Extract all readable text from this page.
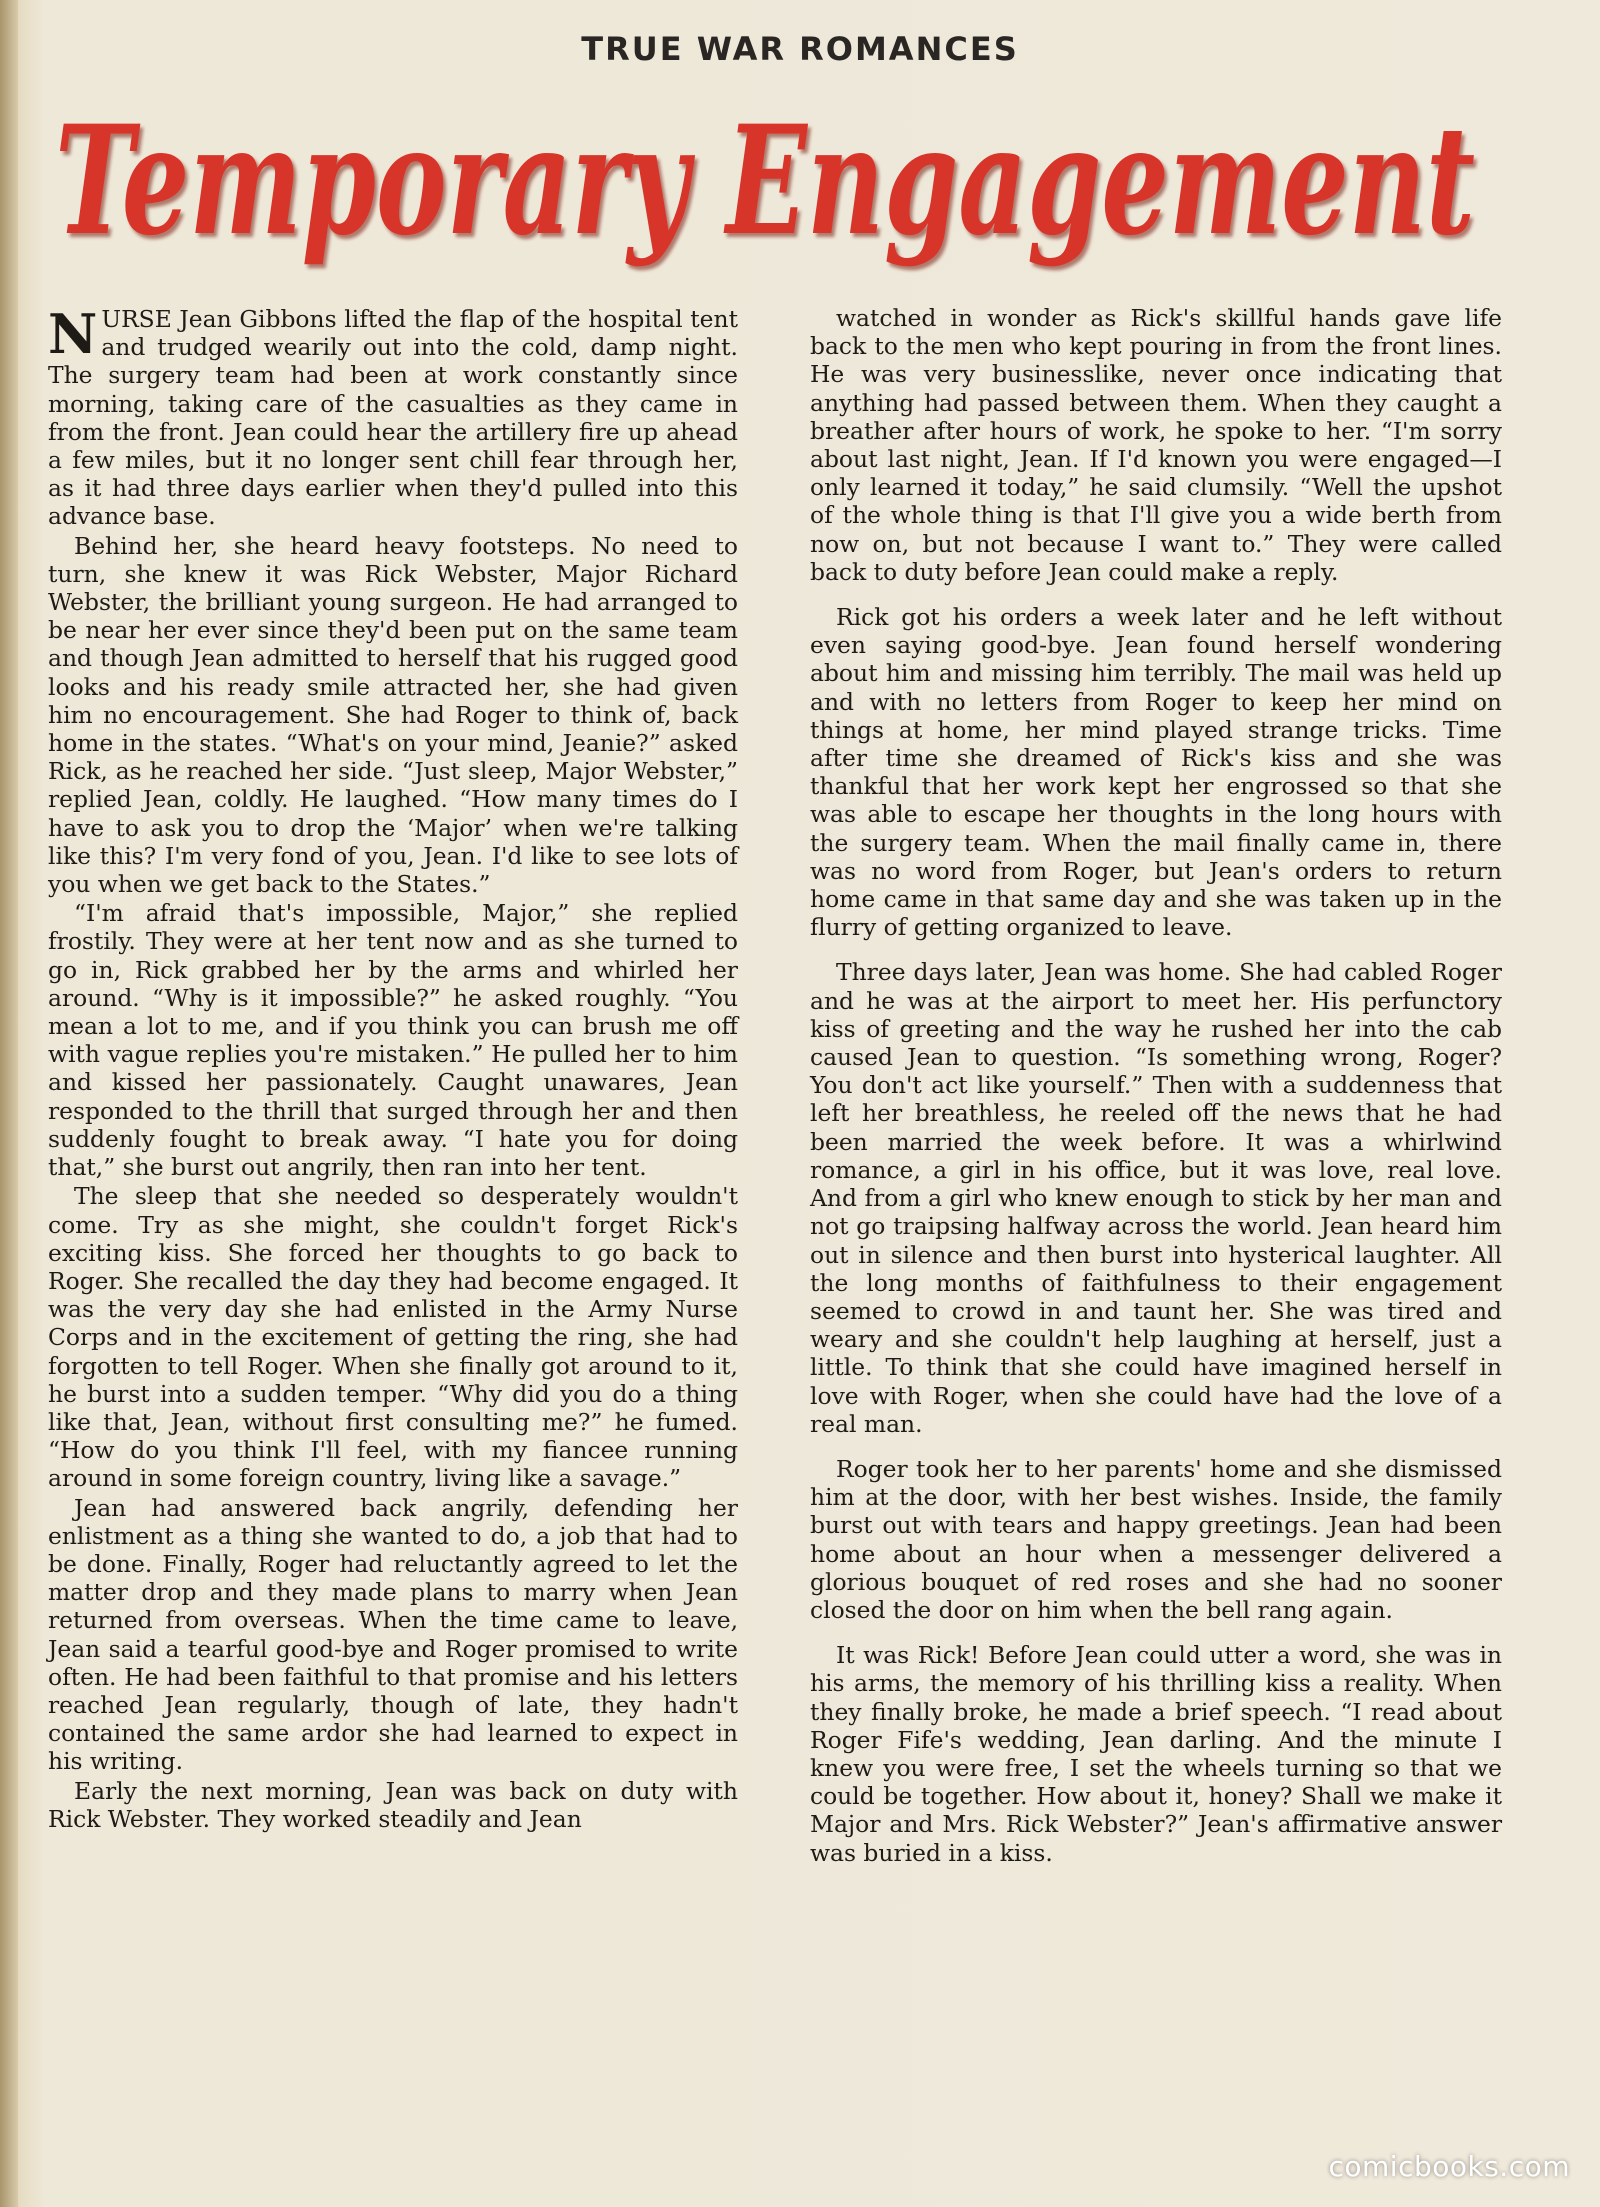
TRUE WAR ROMANCES
Temporary Engagement

NURSE Jean Gibbons lifted the flap of the hospital tent and trudged wearily out into the cold, damp night. The surgery team had been at work constantly since morning, taking care of the casualties as they came in from the front. Jean could hear the artillery fire up ahead a few miles, but it no longer sent chill fear through her, as it had three days earlier when they'd pulled into this advance base.

Behind her, she heard heavy footsteps. No need to turn, she knew it was Rick Webster, Major Richard Webster, the brilliant young surgeon. He had arranged to be near her ever since they'd been put on the same team and though Jean admitted to herself that his rugged good looks and his ready smile attracted her, she had given him no encouragement. She had Roger to think of, back home in the states. “What's on your mind, Jeanie?” asked Rick, as he reached her side. “Just sleep, Major Webster,” replied Jean, coldly. He laughed. “How many times do I have to ask you to drop the ‘Major’ when we're talking like this? I'm very fond of you, Jean. I'd like to see lots of you when we get back to the States.”

“I'm afraid that's impossible, Major,” she replied frostily. They were at her tent now and as she turned to go in, Rick grabbed her by the arms and whirled her around. “Why is it impossible?” he asked roughly. “You mean a lot to me, and if you think you can brush me off with vague replies you're mistaken.” He pulled her to him and kissed her passionately. Caught unawares, Jean responded to the thrill that surged through her and then suddenly fought to break away. “I hate you for doing that,” she burst out angrily, then ran into her tent.

The sleep that she needed so desperately wouldn't come. Try as she might, she couldn't forget Rick's exciting kiss. She forced her thoughts to go back to Roger. She recalled the day they had become engaged. It was the very day she had enlisted in the Army Nurse Corps and in the excitement of getting the ring, she had forgotten to tell Roger. When she finally got around to it, he burst into a sudden temper. “Why did you do a thing like that, Jean, without first consulting me?” he fumed. “How do you think I'll feel, with my fiancee running around in some foreign country, living like a savage.”

Jean had answered back angrily, defending her enlistment as a thing she wanted to do, a job that had to be done. Finally, Roger had reluctantly agreed to let the matter drop and they made plans to marry when Jean returned from overseas. When the time came to leave, Jean said a tearful good-bye and Roger promised to write often. He had been faithful to that promise and his letters reached Jean regularly, though of late, they hadn't contained the same ardor she had learned to expect in his writing.

Early the next morning, Jean was back on duty with Rick Webster. They worked steadily and Jean

watched in wonder as Rick's skillful hands gave life back to the men who kept pouring in from the front lines. He was very businesslike, never once indicating that anything had passed between them. When they caught a breather after hours of work, he spoke to her. “I'm sorry about last night, Jean. If I'd known you were engaged—I only learned it today,” he said clumsily. “Well the upshot of the whole thing is that I'll give you a wide berth from now on, but not because I want to.” They were called back to duty before Jean could make a reply.

Rick got his orders a week later and he left without even saying good-bye. Jean found herself wondering about him and missing him terribly. The mail was held up and with no letters from Roger to keep her mind on things at home, her mind played strange tricks. Time after time she dreamed of Rick's kiss and she was thankful that her work kept her engrossed so that she was able to escape her thoughts in the long hours with the surgery team. When the mail finally came in, there was no word from Roger, but Jean's orders to return home came in that same day and she was taken up in the flurry of getting organized to leave.

Three days later, Jean was home. She had cabled Roger and he was at the airport to meet her. His perfunctory kiss of greeting and the way he rushed her into the cab caused Jean to question. “Is something wrong, Roger? You don't act like yourself.” Then with a suddenness that left her breathless, he reeled off the news that he had been married the week before. It was a whirlwind romance, a girl in his office, but it was love, real love. And from a girl who knew enough to stick by her man and not go traipsing halfway across the world. Jean heard him out in silence and then burst into hysterical laughter. All the long months of faithfulness to their engagement seemed to crowd in and taunt her. She was tired and weary and she couldn't help laughing at herself, just a little. To think that she could have imagined herself in love with Roger, when she could have had the love of a real man.

Roger took her to her parents' home and she dismissed him at the door, with her best wishes. Inside, the family burst out with tears and happy greetings. Jean had been home about an hour when a messenger delivered a glorious bouquet of red roses and she had no sooner closed the door on him when the bell rang again.

It was Rick! Before Jean could utter a word, she was in his arms, the memory of his thrilling kiss a reality. When they finally broke, he made a brief speech. “I read about Roger Fife's wedding, Jean darling. And the minute I knew you were free, I set the wheels turning so that we could be together. How about it, honey? Shall we make it Major and Mrs. Rick Webster?” Jean's affirmative answer was buried in a kiss.

comicbooks.com
